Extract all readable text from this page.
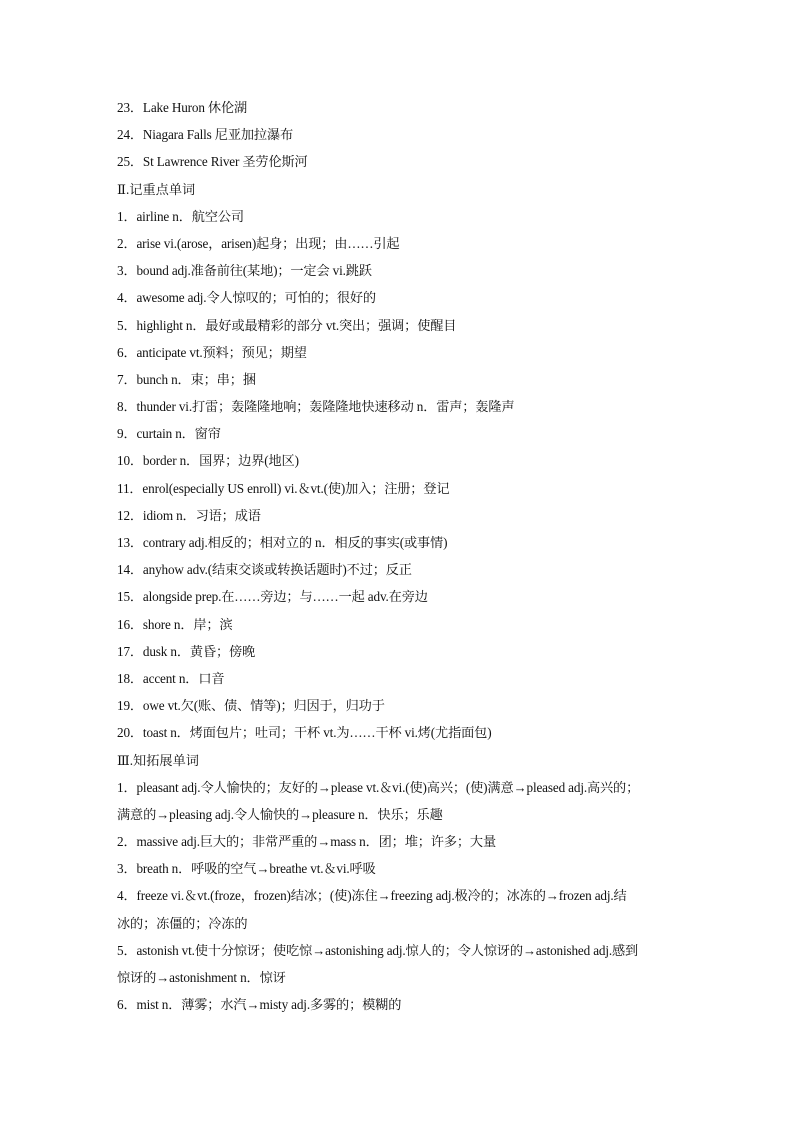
23．Lake Huron 休伦湖
24．Niagara Falls 尼亚加拉瀑布
25．St Lawrence River 圣劳伦斯河
Ⅱ.记重点单词
1．airline n．航空公司
2．arise vi.(arose，arisen)起身；出现；由……引起
3．bound adj.准备前往(某地)；一定会 vi.跳跃
4．awesome adj.令人惊叹的；可怕的；很好的
5．highlight n．最好或最精彩的部分 vt.突出；强调；使醒目
6．anticipate vt.预料；预见；期望
7．bunch n．束；串；捆
8．thunder vi.打雷；轰隆隆地响；轰隆隆地快速移动 n．雷声；轰隆声
9．curtain n．窗帘
10．border n．国界；边界(地区)
11．enrol(especially US enroll) vi.＆vt.(使)加入；注册；登记
12．idiom n．习语；成语
13．contrary adj.相反的；相对立的 n．相反的事实(或事情)
14．anyhow adv.(结束交谈或转换话题时)不过；反正
15．alongside prep.在……旁边；与……一起 adv.在旁边
16．shore n．岸；滨
17．dusk n．黄昏；傍晚
18．accent n．口音
19．owe vt.欠(账、债、情等)；归因于，归功于
20．toast n．烤面包片；吐司；干杯 vt.为……干杯 vi.烤(尤指面包)
Ⅲ.知拓展单词
1．pleasant adj.令人愉快的；友好的→please vt.＆vi.(使)高兴；(使)满意→pleased adj.高兴的；
满意的→pleasing adj.令人愉快的→pleasure n．快乐；乐趣
2．massive adj.巨大的；非常严重的→mass n．团；堆；许多；大量
3．breath n．呼吸的空气→breathe vt.＆vi.呼吸
4．freeze vi.＆vt.(froze，frozen)结冰；(使)冻住→freezing adj.极冷的；冰冻的→frozen adj.结
冰的；冻僵的；冷冻的
5．astonish vt.使十分惊讶；使吃惊→astonishing adj.惊人的；令人惊讶的→astonished adj.感到
惊讶的→astonishment n．惊讶
6．mist n．薄雾；水汽→misty adj.多雾的；模糊的
